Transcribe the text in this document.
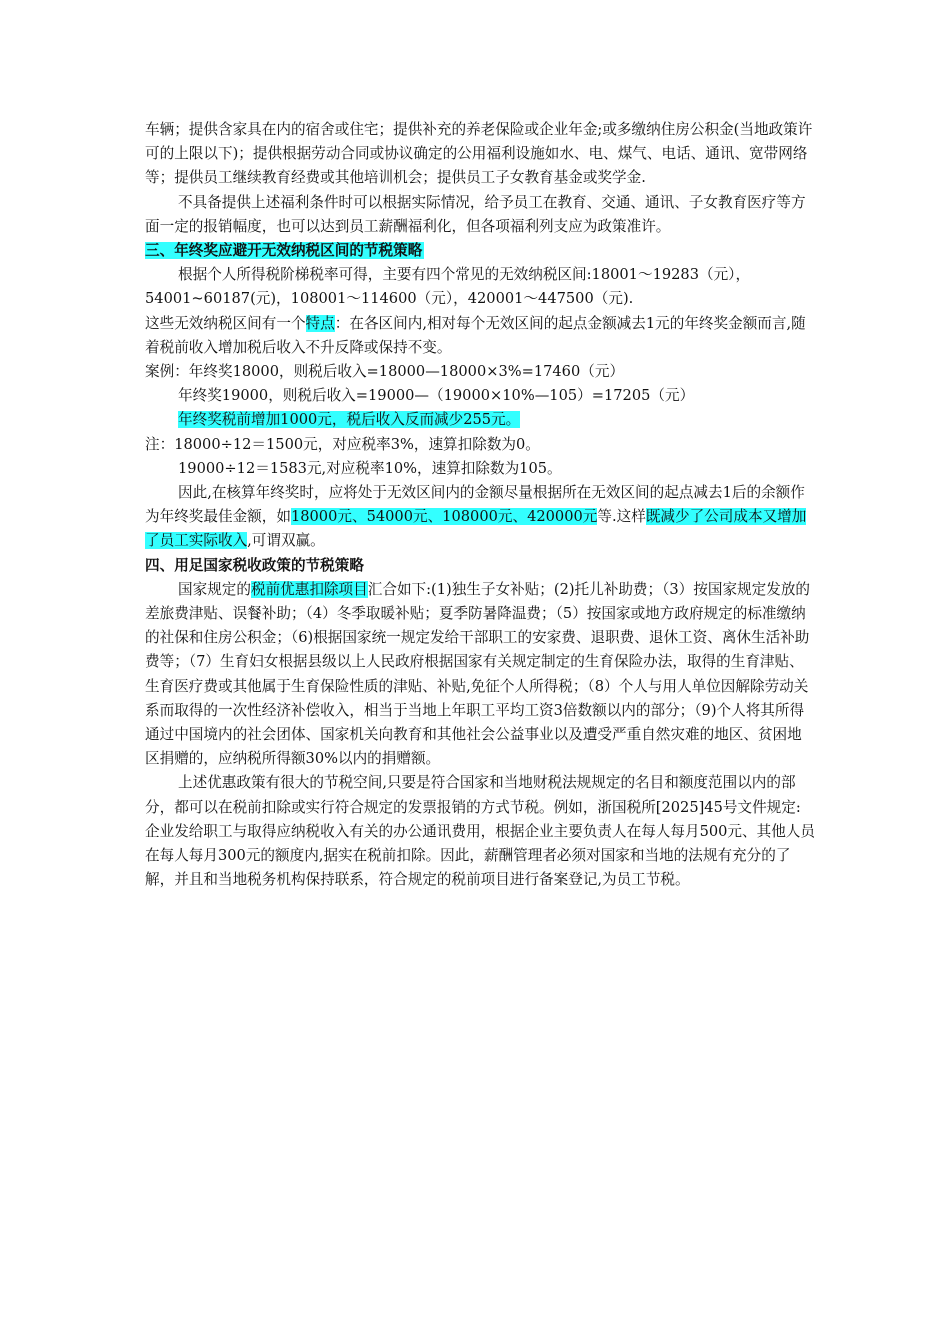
车辆；提供含家具在内的宿舍或住宅；提供补充的养老保险或企业年金;或多缴纳住房公积金(当地政策许可的上限以下)；提供根据劳动合同或协议确定的公用福利设施如水、电、煤气、电话、通讯、宽带网络等；提供员工继续教育经费或其他培训机会；提供员工子女教育基金或奖学金.

不具备提供上述福利条件时可以根据实际情况，给予员工在教育、交通、通讯、子女教育医疗等方面一定的报销幅度，也可以达到员工薪酬福利化，但各项福利列支应为政策准许。

三、年终奖应避开无效纳税区间的节税策略

根据个人所得税阶梯税率可得，主要有四个常见的无效纳税区间:18001～19283（元），54001~60187(元)，108001～114600（元），420001～447500（元).

这些无效纳税区间有一个特点：在各区间内,相对每个无效区间的起点金额减去1元的年终奖金额而言,随着税前收入增加税后收入不升反降或保持不变。

案例：年终奖18000，则税后收入=18000—18000×3%=17460（元）

年终奖19000，则税后收入=19000—（19000×10%—105）=17205（元）

年终奖税前增加1000元，税后收入反而减少255元。

注：18000÷12＝1500元，对应税率3%，速算扣除数为0。

19000÷12＝1583元,对应税率10%，速算扣除数为105。

因此,在核算年终奖时，应将处于无效区间内的金额尽量根据所在无效区间的起点减去1后的余额作为年终奖最佳金额，如18000元、54000元、108000元、420000元等.这样既减少了公司成本又增加了员工实际收入,可谓双赢。

四、用足国家税收政策的节税策略

国家规定的税前优惠扣除项目汇合如下:(1)独生子女补贴；(2)托儿补助费；（3）按国家规定发放的差旅费津贴、误餐补助；（4）冬季取暖补贴；夏季防暑降温费；（5）按国家或地方政府规定的标准缴纳的社保和住房公积金；（6)根据国家统一规定发给干部职工的安家费、退职费、退休工资、离休生活补助费等；（7）生育妇女根据县级以上人民政府根据国家有关规定制定的生育保险办法，取得的生育津贴、生育医疗费或其他属于生育保险性质的津贴、补贴,免征个人所得税；（8）个人与用人单位因解除劳动关系而取得的一次性经济补偿收入，相当于当地上年职工平均工资3倍数额以内的部分；（9)个人将其所得通过中国境内的社会团体、国家机关向教育和其他社会公益事业以及遭受严重自然灾难的地区、贫困地区捐赠的，应纳税所得额30%以内的捐赠额。

上述优惠政策有很大的节税空间,只要是符合国家和当地财税法规规定的名目和额度范围以内的部分，都可以在税前扣除或实行符合规定的发票报销的方式节税。例如，浙国税所[2025]45号文件规定:企业发给职工与取得应纳税收入有关的办公通讯费用，根据企业主要负责人在每人每月500元、其他人员在每人每月300元的额度内,据实在税前扣除。因此，薪酬管理者必须对国家和当地的法规有充分的了解，并且和当地税务机构保持联系，符合规定的税前项目进行备案登记,为员工节税。
